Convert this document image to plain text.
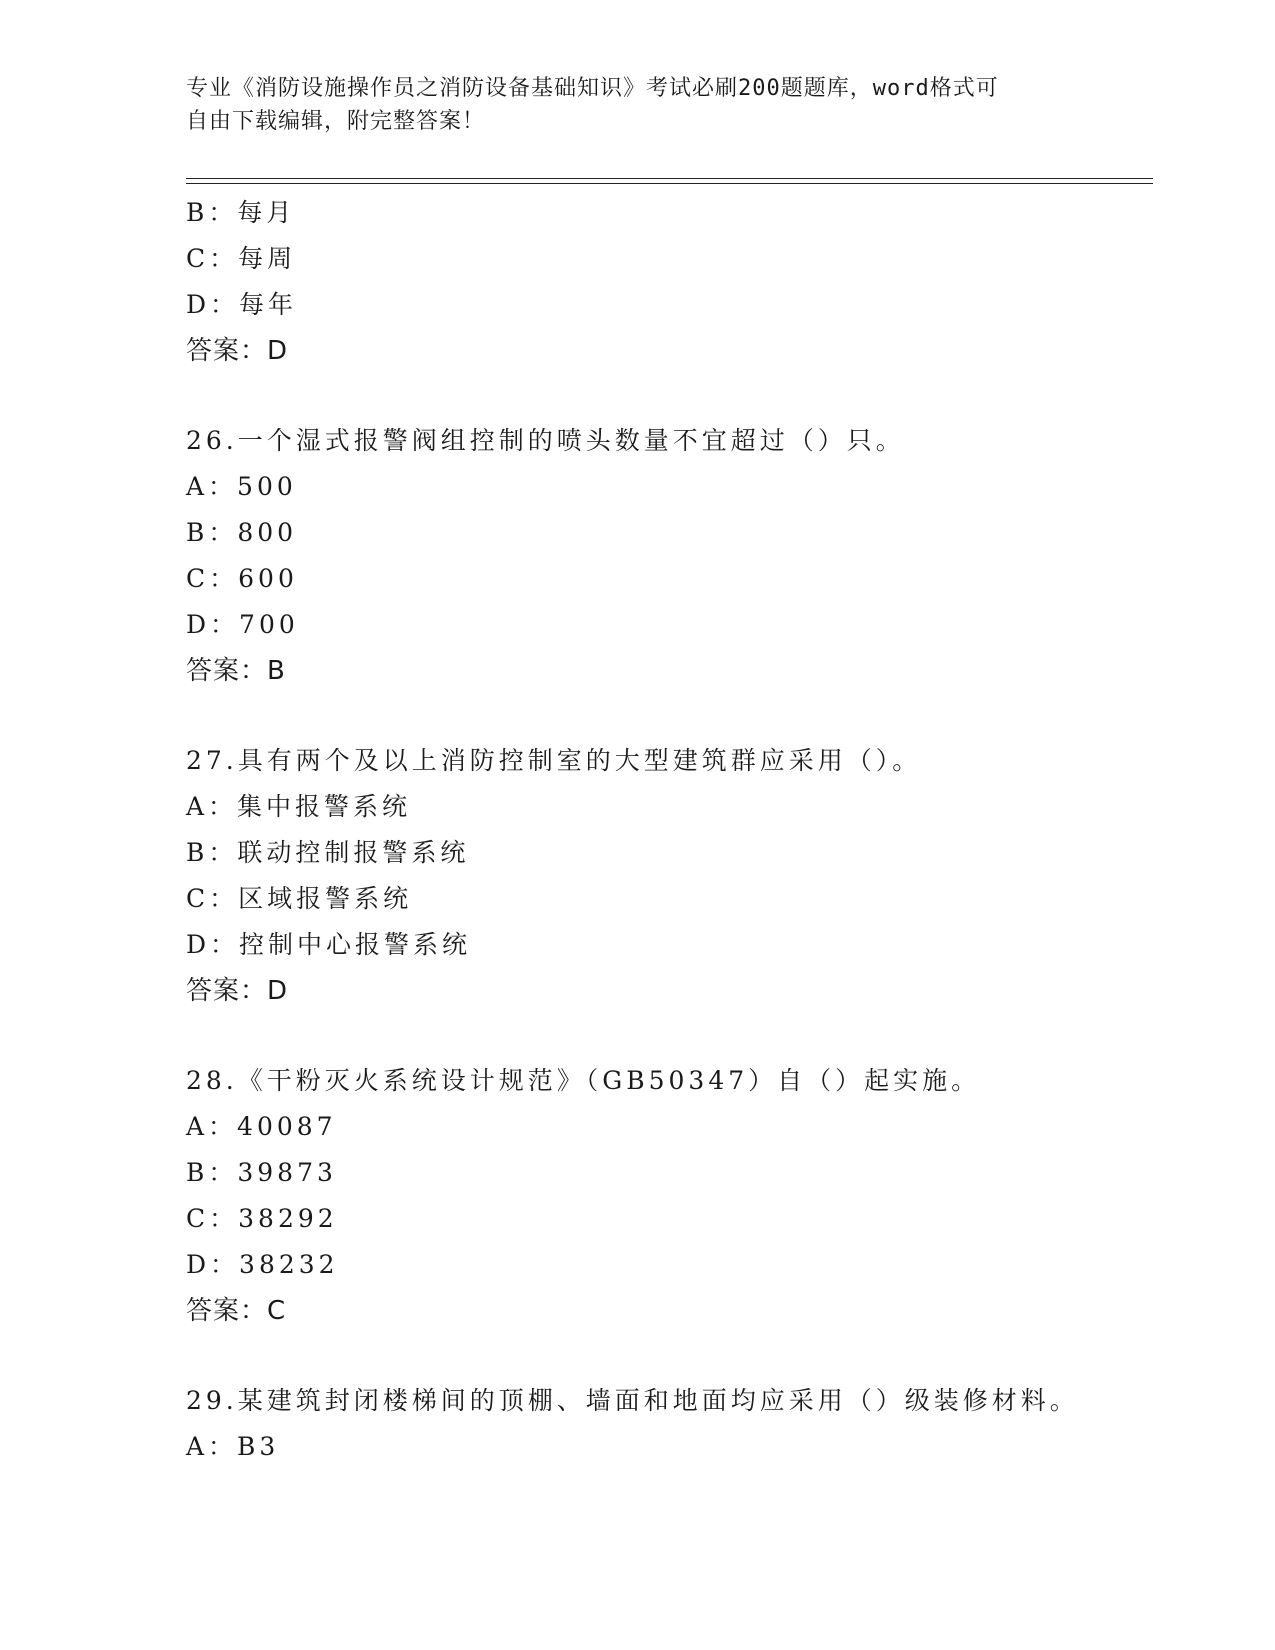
专业《消防设施操作员之消防设备基础知识》考试必刷200题题库，word格式可
自由下载编辑，附完整答案！
B：每月
C：每周
D：每年
答案：D
26.一个湿式报警阀组控制的喷头数量不宜超过（）只。
A：500
B：800
C：600
D：700
答案：B
27.具有两个及以上消防控制室的大型建筑群应采用（）。
A：集中报警系统
B：联动控制报警系统
C：区域报警系统
D：控制中心报警系统
答案：D
28.《干粉灭火系统设计规范》（GB50347）自（）起实施。
A：40087
B：39873
C：38292
D：38232
答案：C
29.某建筑封闭楼梯间的顶棚、墙面和地面均应采用（）级装修材料。
A：B3
